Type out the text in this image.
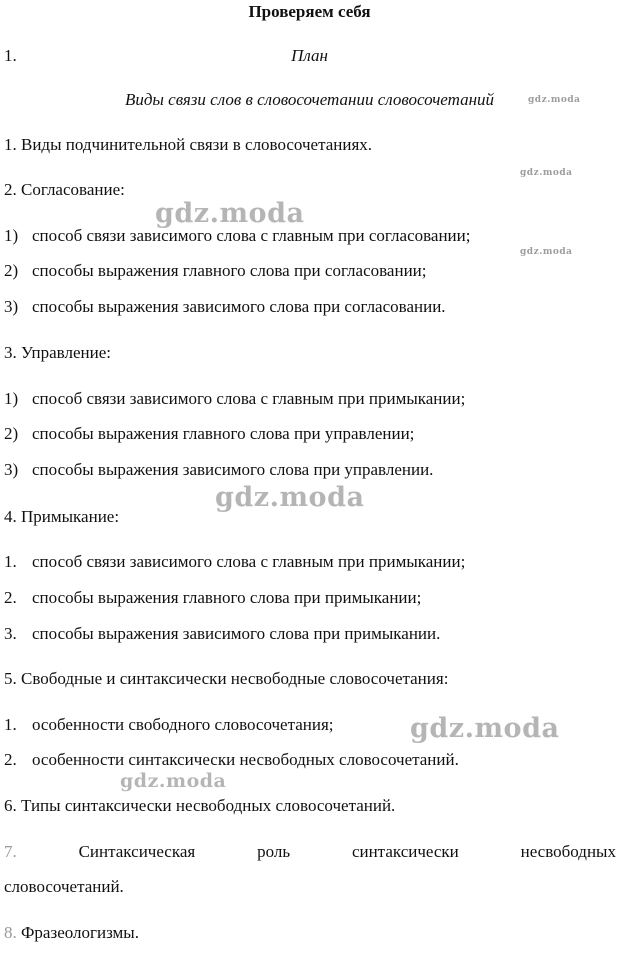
Проверяем себя
1.	План
Виды связи слов в словосочетании словосочетаний
1. Виды подчинительной связи в словосочетаниях.
2. Согласование:
1) способ связи зависимого слова с главным при согласовании;
2) способы выражения главного слова при согласовании;
3) способы выражения зависимого слова при согласовании.
3. Управление:
1) способ связи зависимого слова с главным при примыкании;
2) способы выражения главного слова при управлении;
3) способы выражения зависимого слова при управлении.
4. Примыкание:
1. способ связи зависимого слова с главным при примыкании;
2. способы выражения главного слова при примыкании;
3. способы выражения зависимого слова при примыкании.
5. Свободные и синтаксически несвободные словосочетания:
1. особенности свободного словосочетания;
2. особенности синтаксически несвободных словосочетаний.
6. Типы синтаксически несвободных словосочетаний.
7.	Синтаксическая	роль	синтаксически	несвободных
словосочетаний.
8. Фразеологизмы.
gdz.moda
gdz.moda
gdz.moda
gdz.moda
gdz.moda
gdz.moda
gdz.moda
